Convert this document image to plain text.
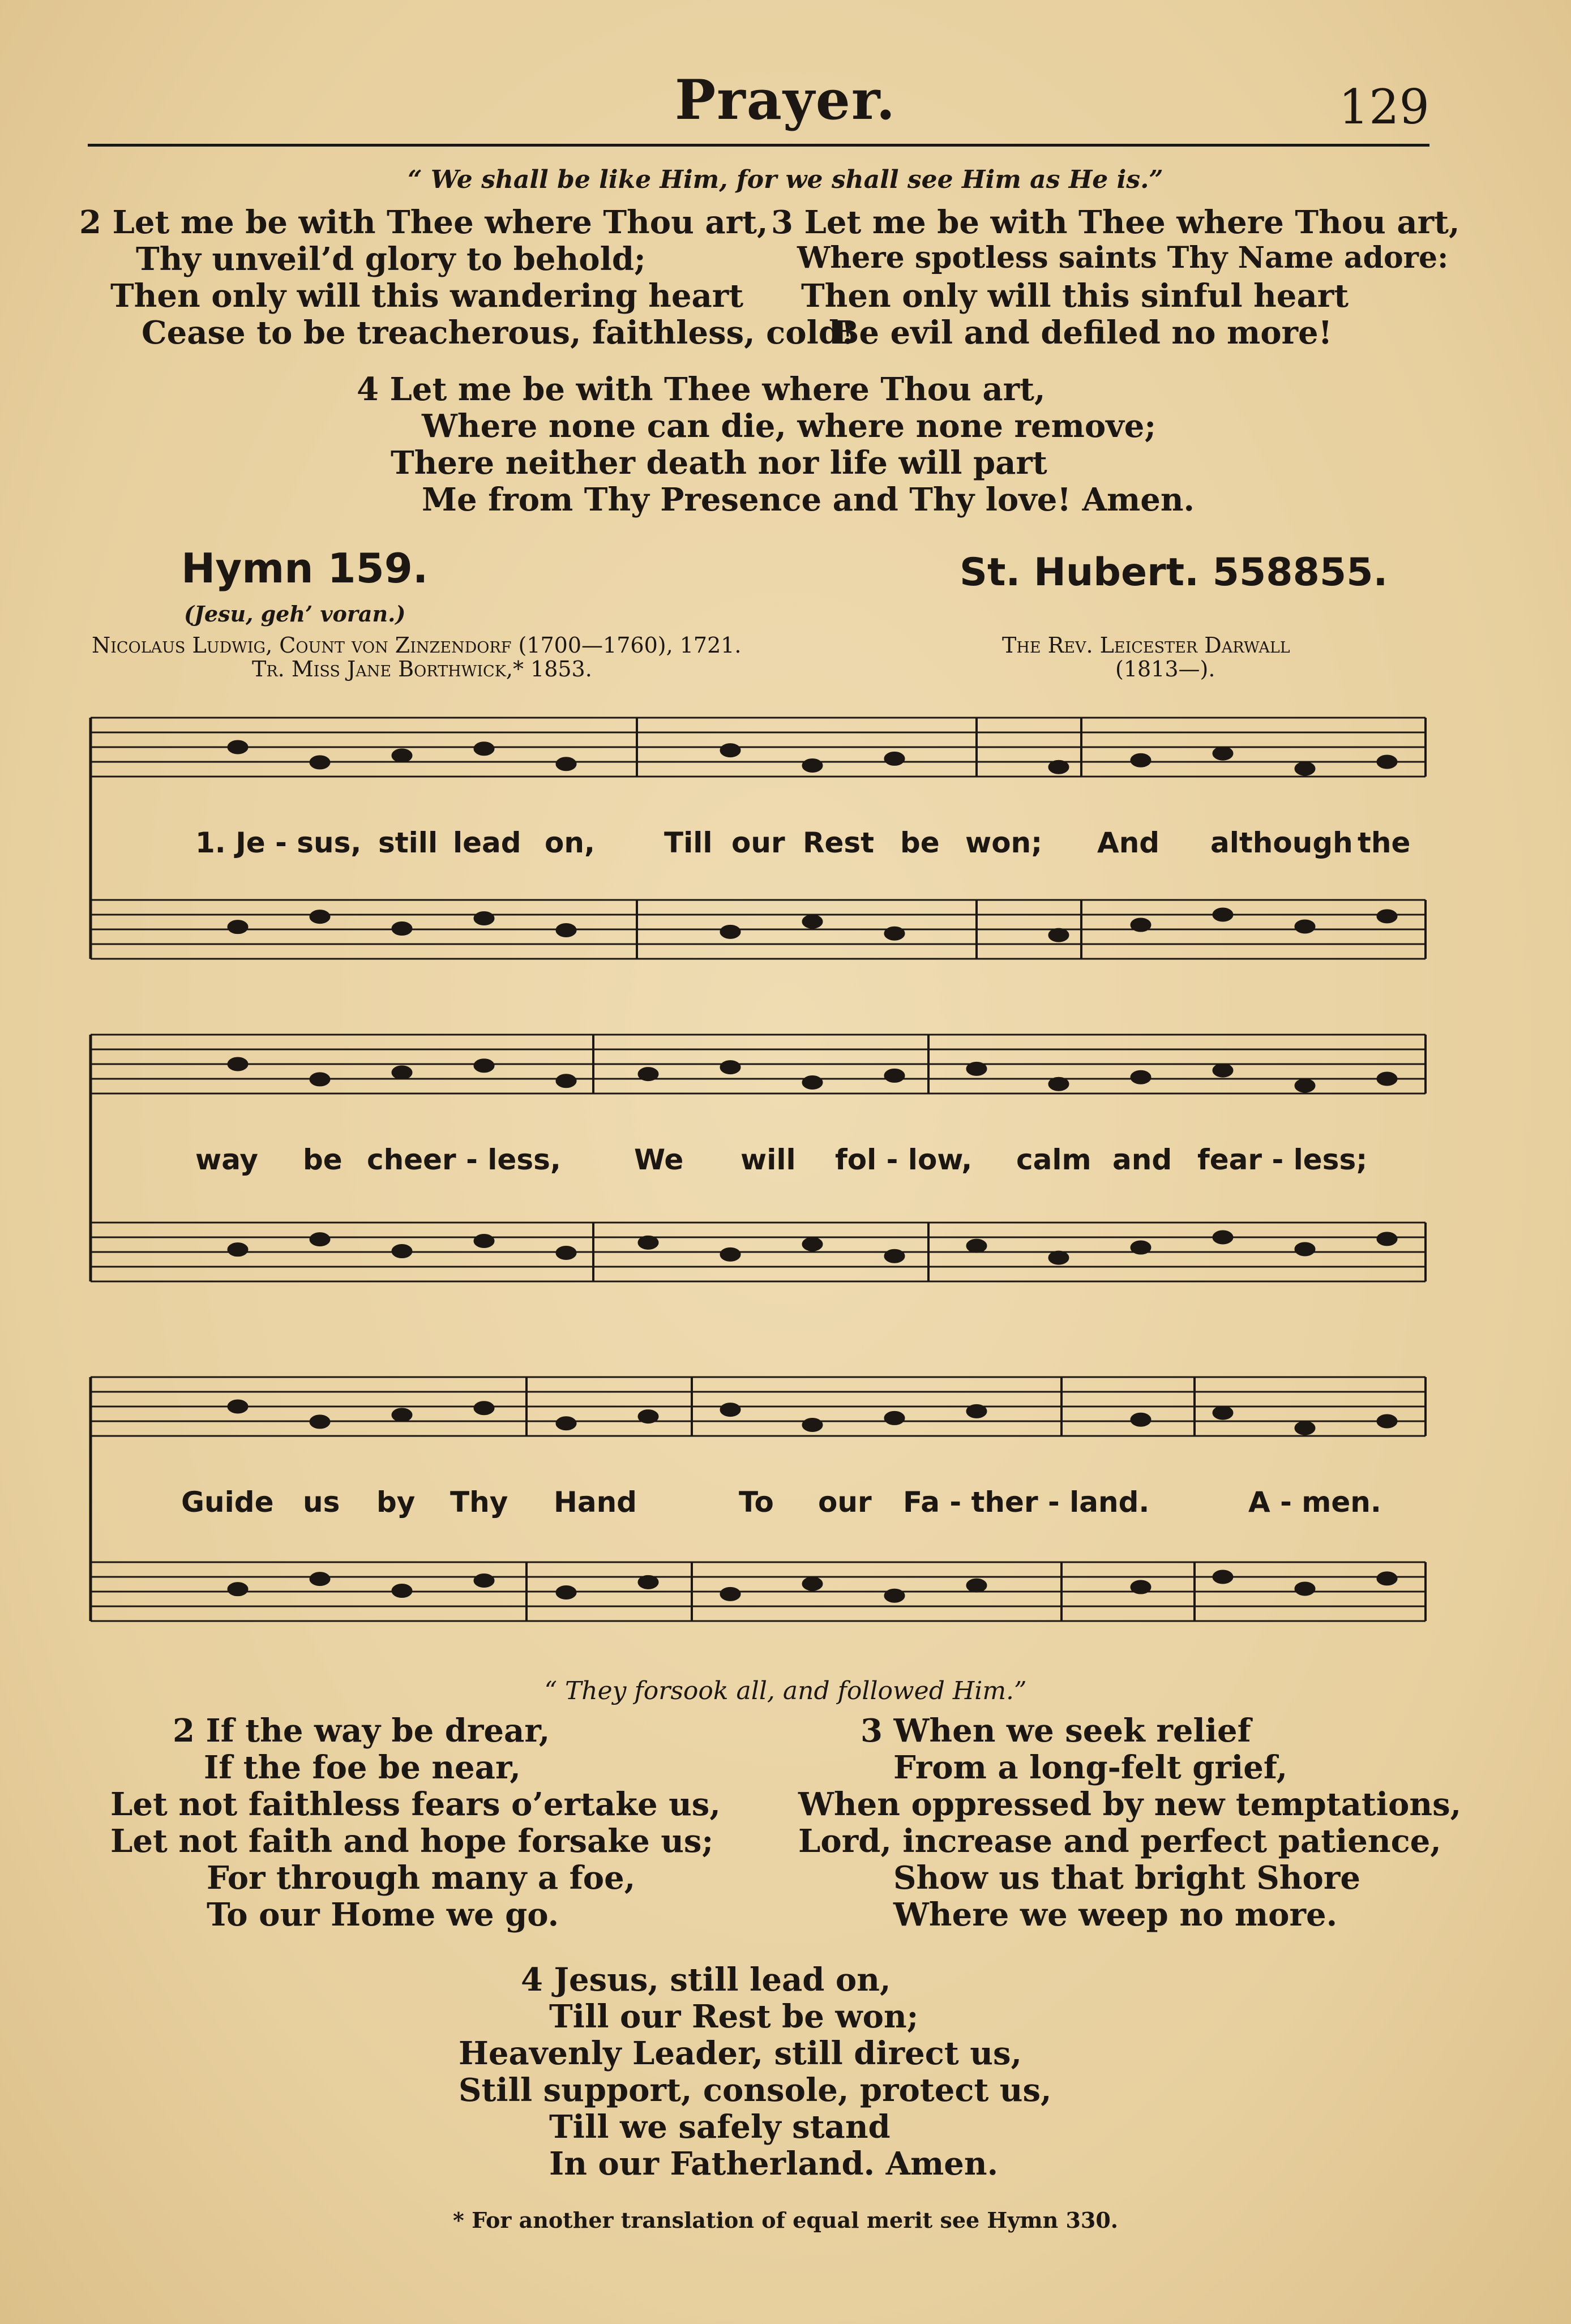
Prayer.	129
“ We shall be like Him, for we shall see Him as He is.”
2 Let me be with Thee where Thou art,
Thy unveil’d glory to behold;
Then only will this wandering heart
Cease to be treacherous, faithless, cold!
3 Let me be with Thee where Thou art,
Where spotless saints Thy Name adore:
Then only will this sinful heart
Be evil and defiled no more!
4 Let me be with Thee where Thou art,
Where none can die, where none remove;
There neither death nor life will part
Me from Thy Presence and Thy love! Amen.
Hymn 159.	St. Hubert. 558855.
(Jesu, geh’ voran.)
Nicolaus Ludwig, Count von Zinzendorf (1700—1760), 1721.
Tr. Miss Jane Borthwick,* 1853.
The Rev. Leicester Darwall
(1813—).
1. Je - sus, still lead on, Till our Rest be won; And although the
way be cheer - less,	We will fol - low, calm and fear - less;
Guide us by Thy Hand	To our Fa - ther - land.	A - men.
“ They forsook all, and followed Him.”
2 If the way be drear,
If the foe be near,
Let not faithless fears o’ertake us,
Let not faith and hope forsake us;
For through many a foe,
To our Home we go.
3 When we seek relief
From a long-felt grief,
When oppressed by new temptations,
Lord, increase and perfect patience,
Show us that bright Shore
Where we weep no more.
4 Jesus, still lead on,
Till our Rest be won;
Heavenly Leader, still direct us,
Still support, console, protect us,
Till we safely stand
In our Fatherland. Amen.
* For another translation of equal merit see Hymn 330.
